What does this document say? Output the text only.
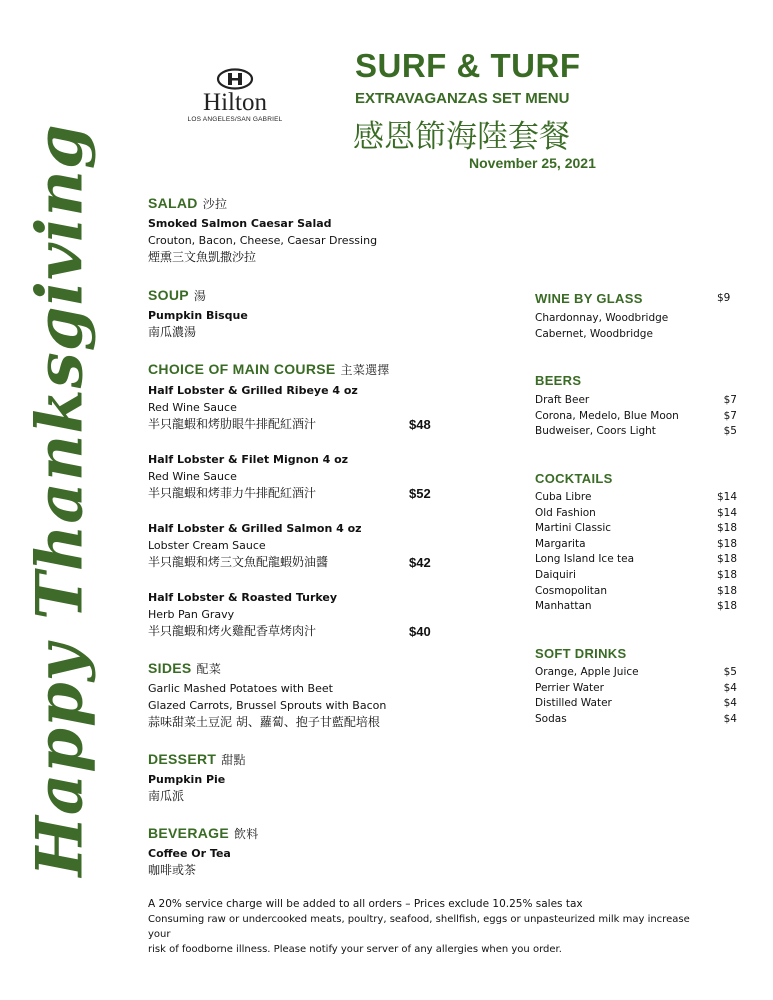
Hilton
LOS ANGELES/SAN GABRIEL
SURF & TURF
EXTRAVAGANZAS SET MENU
感恩節海陸套餐
November 25, 2021
Happy Thanksgiving	SALAD 沙拉
Smoked Salmon Caesar Salad
Crouton, Bacon, Cheese, Caesar Dressing
煙熏三文魚凱撒沙拉
SOUP 湯
Pumpkin Bisque
南瓜濃湯
CHOICE OF MAIN COURSE 主菜選擇
Half Lobster & Grilled Ribeye 4 oz
Red Wine Sauce
半只龍蝦和烤肋眼牛排配紅酒汁	$48
Half Lobster & Filet Mignon 4 oz
Red Wine Sauce
半只龍蝦和烤菲力牛排配紅酒汁	$52
Half Lobster & Grilled Salmon 4 oz
Lobster Cream Sauce
半只龍蝦和烤三文魚配龍蝦奶油醬	$42
Half Lobster & Roasted Turkey
Herb Pan Gravy
半只龍蝦和烤火雞配香草烤肉汁	$40
SIDES 配菜
Garlic Mashed Potatoes with Beet
Glazed Carrots, Brussel Sprouts with Bacon
蒜味甜菜土豆泥 胡、蘿蔔、抱子甘藍配培根
DESSERT 甜點
Pumpkin Pie
南瓜派
BEVERAGE 飲料
Coffee Or Tea
咖啡或茶
WINE BY GLASS	$9
Chardonnay, Woodbridge
Cabernet, Woodbridge
BEERS
Draft Beer	$7
Corona, Medelo, Blue Moon	$7
Budweiser, Coors Light	$5
COCKTAILS
Cuba Libre	$14
Old Fashion	$14
Martini Classic	$18
Margarita	$18
Long Island Ice tea	$18
Daiquiri	$18
Cosmopolitan	$18
Manhattan	$18
SOFT DRINKS
Orange, Apple Juice	$5
Perrier Water	$4
Distilled Water	$4
Sodas	$4
A 20% service charge will be added to all orders – Prices exclude 10.25% sales tax
Consuming raw or undercooked meats, poultry, seafood, shellfish, eggs or unpasteurized milk may increase your
risk of foodborne illness. Please notify your server of any allergies when you order.
